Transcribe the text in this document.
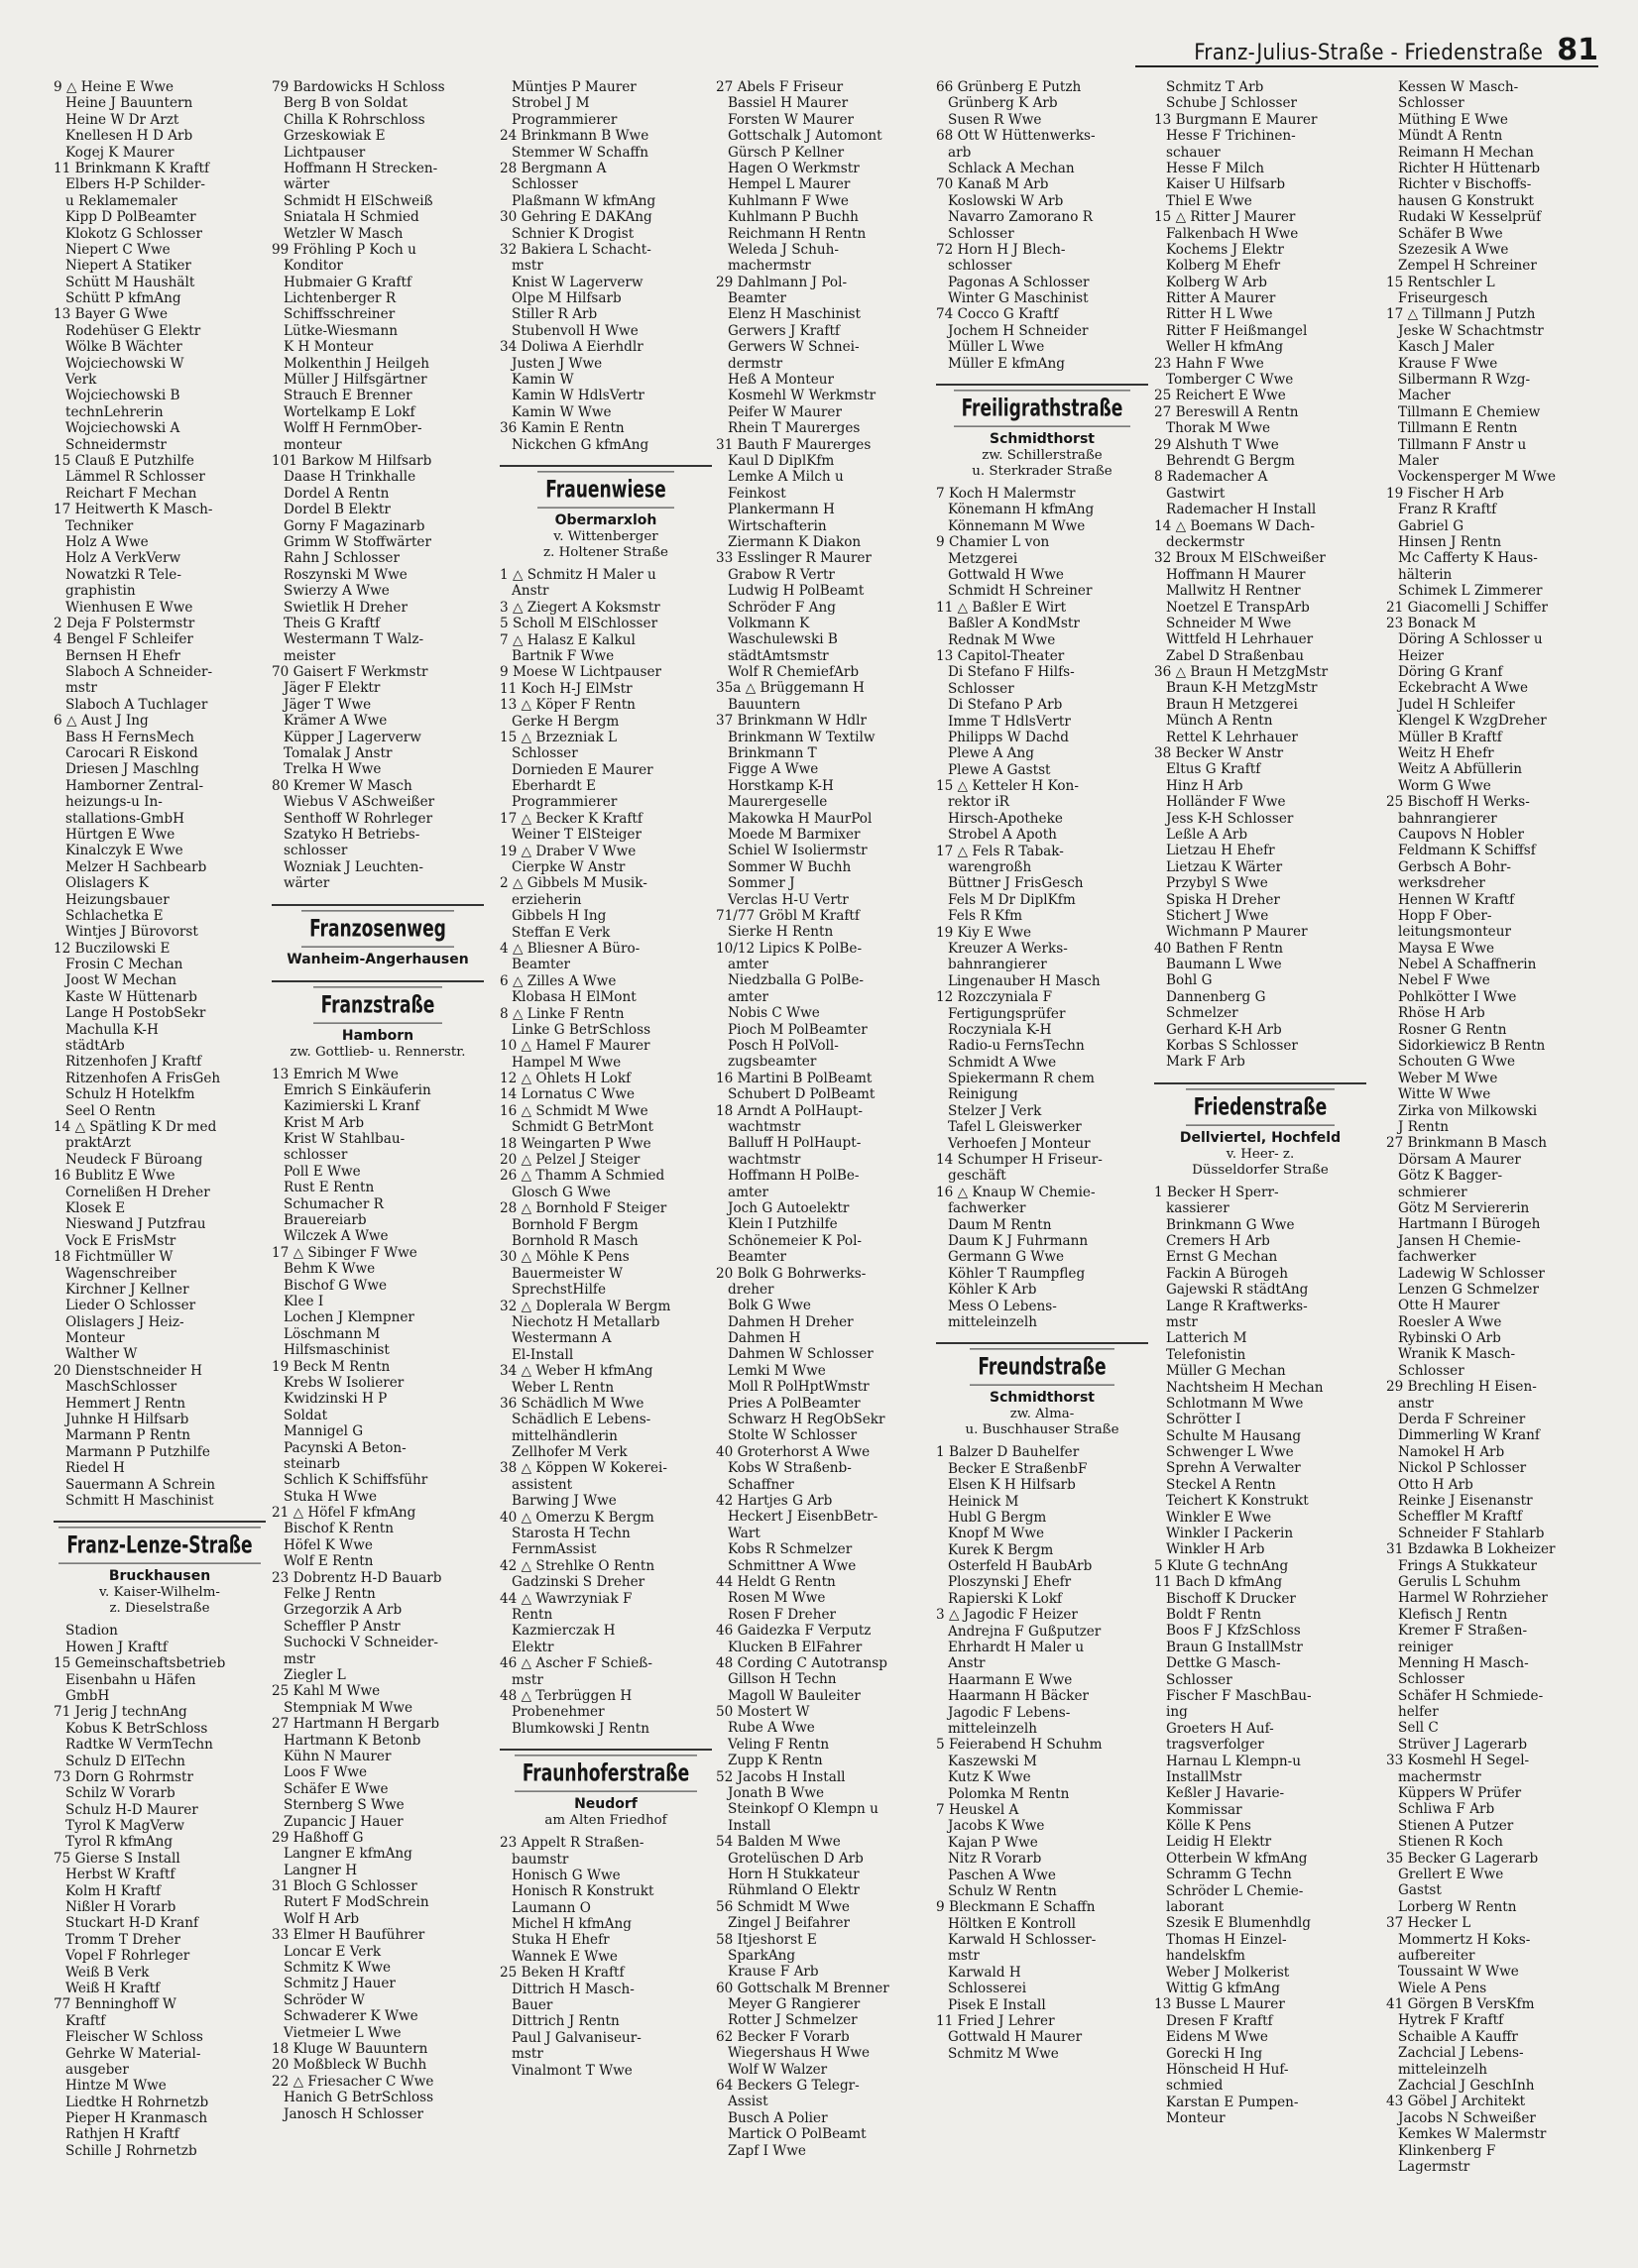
Franz-Julius-Straße - Friedenstraße 81
9 △ Heine E Wwe
Heine J Bauuntern
Heine W Dr Arzt
Knellesen H D Arb
Kogej K Maurer
11 Brinkmann K Kraftf
Elbers H-P Schilder-
u Reklamemaler
Kipp D PolBeamter
Klokotz G Schlosser
Niepert C Wwe
Niepert A Statiker
Schütt M Haushält
Schütt P kfmAng
13 Bayer G Wwe
Rodehüser G Elektr
Wölke B Wächter
Wojciechowski W
Verk
Wojciechowski B
technLehrerin
Wojciechowski A
Schneidermstr
15 Clauß E Putzhilfe
Lämmel R Schlosser
Reichart F Mechan
17 Heitwerth K Masch-
Techniker
Holz A Wwe
Holz A VerkVerw
Nowatzki R Tele-
graphistin
Wienhusen E Wwe
2 Deja F Polstermstr
4 Bengel F Schleifer
Bernsen H Ehefr
Slaboch A Schneider-
mstr
Slaboch A Tuchlager
6 △ Aust J Ing
Bass H FernsMech
Carocari R Eiskond
Driesen J Maschlng
Hamborner Zentral-
heizungs-u In-
stallations-GmbH
Hürtgen E Wwe
Kinalczyk E Wwe
Melzer H Sachbearb
Olislagers K
Heizungsbauer
Schlachetka E
Wintjes J Bürovorst
12 Buczilowski E
Frosin C Mechan
Joost W Mechan
Kaste W Hüttenarb
Lange H PostobSekr
Machulla K-H
städtArb
Ritzenhofen J Kraftf
Ritzenhofen A FrisGeh
Schulz H Hotelkfm
Seel O Rentn
14 △ Spätling K Dr med
praktArzt
Neudeck F Büroang
16 Bublitz E Wwe
Cornelißen H Dreher
Klosek E
Nieswand J Putzfrau
Vock E FrisMstr
18 Fichtmüller W
Wagenschreiber
Kirchner J Kellner
Lieder O Schlosser
Olislagers J Heiz-
Monteur
Walther W
20 Dienstschneider H
MaschSchlosser
Hemmert J Rentn
Juhnke H Hilfsarb
Marmann P Rentn
Marmann P Putzhilfe
Riedel H
Sauermann A Schrein
Schmitt H Maschinist
Franz-Lenze-Straße
Bruckhausen
v. Kaiser-Wilhelm-
z. Dieselstraße
Stadion
Howen J Kraftf
15 Gemeinschaftsbetrieb
Eisenbahn u Häfen
GmbH
71 Jerig J technAng
Kobus K BetrSchloss
Radtke W VermTechn
Schulz D ElTechn
73 Dorn G Rohrmstr
Schilz W Vorarb
Schulz H-D Maurer
Tyrol K MagVerw
Tyrol R kfmAng
75 Gierse S Install
Herbst W Kraftf
Kolm H Kraftf
Nißler H Vorarb
Stuckart H-D Kranf
Tromm T Dreher
Vopel F Rohrleger
Weiß B Verk
Weiß H Kraftf
77 Benninghoff W
Kraftf
Fleischer W Schloss
Gehrke W Material-
ausgeber
Hintze M Wwe
Liedtke H Rohrnetzb
Pieper H Kranmasch
Rathjen H Kraftf
Schille J Rohrnetzb
79 Bardowicks H Schloss
Berg B von Soldat
Chilla K Rohrschloss
Grzeskowiak E
Lichtpauser
Hoffmann H Strecken-
wärter
Schmidt H ElSchweiß
Sniatala H Schmied
Wetzler W Masch
99 Fröhling P Koch u
Konditor
Hubmaier G Kraftf
Lichtenberger R
Schiffsschreiner
Lütke-Wiesmann
K H Monteur
Molkenthin J Heilgeh
Müller J Hilfsgärtner
Strauch E Brenner
Wortelkamp E Lokf
Wolff H FernmOber-
monteur
101 Barkow M Hilfsarb
Daase H Trinkhalle
Dordel A Rentn
Dordel B Elektr
Gorny F Magazinarb
Grimm W Stoffwärter
Rahn J Schlosser
Roszynski M Wwe
Swierzy A Wwe
Swietlik H Dreher
Theis G Kraftf
Westermann T Walz-
meister
70 Gaisert F Werkmstr
Jäger F Elektr
Jäger T Wwe
Krämer A Wwe
Küpper J Lagerverw
Tomalak J Anstr
Trelka H Wwe
80 Kremer W Masch
Wiebus V ASchweißer
Senthoff W Rohrleger
Szatyko H Betriebs-
schlosser
Wozniak J Leuchten-
wärter
Franzosenweg
Wanheim-Angerhausen
Franzstraße
Hamborn
zw. Gottlieb- u. Rennerstr.
13 Emrich M Wwe
Emrich S Einkäuferin
Kazimierski L Kranf
Krist M Arb
Krist W Stahlbau-
schlosser
Poll E Wwe
Rust E Rentn
Schumacher R
Brauereiarb
Wilczek A Wwe
17 △ Sibinger F Wwe
Behm K Wwe
Bischof G Wwe
Klee I
Lochen J Klempner
Löschmann M
Hilfsmaschinist
19 Beck M Rentn
Krebs W Isolierer
Kwidzinski H P
Soldat
Mannigel G
Pacynski A Beton-
steinarb
Schlich K Schiffsführ
Stuka H Wwe
21 △ Höfel F kfmAng
Bischof K Rentn
Höfel K Wwe
Wolf E Rentn
23 Dobrentz H-D Bauarb
Felke J Rentn
Grzegorzik A Arb
Scheffler P Anstr
Suchocki V Schneider-
mstr
Ziegler L
25 Kahl M Wwe
Stempniak M Wwe
27 Hartmann H Bergarb
Hartmann K Betonb
Kühn N Maurer
Loos F Wwe
Schäfer E Wwe
Sternberg S Wwe
Zupancic J Hauer
29 Haßhoff G
Langner E kfmAng
Langner H
31 Bloch G Schlosser
Rutert F ModSchrein
Wolf H Arb
33 Elmer H Bauführer
Loncar E Verk
Schmitz K Wwe
Schmitz J Hauer
Schröder W
Schwaderer K Wwe
Vietmeier L Wwe
18 Kluge W Bauuntern
20 Moßbleck W Buchh
22 △ Friesacher C Wwe
Hanich G BetrSchloss
Janosch H Schlosser
Müntjes P Maurer
Strobel J M
Programmierer
24 Brinkmann B Wwe
Stemmer W Schaffn
28 Bergmann A
Schlosser
Plaßmann W kfmAng
30 Gehring E DAKAng
Schnier K Drogist
32 Bakiera L Schacht-
mstr
Knist W Lagerverw
Olpe M Hilfsarb
Stiller R Arb
Stubenvoll H Wwe
34 Doliwa A Eierhdlr
Justen J Wwe
Kamin W
Kamin W HdlsVertr
Kamin W Wwe
36 Kamin E Rentn
Nickchen G kfmAng
Frauenwiese
Obermarxloh
v. Wittenberger
z. Holtener Straße
1 △ Schmitz H Maler u
Anstr
3 △ Ziegert A Koksmstr
5 Scholl M ElSchlosser
7 △ Halasz E Kalkul
Bartnik F Wwe
9 Moese W Lichtpauser
11 Koch H-J ElMstr
13 △ Köper F Rentn
Gerke H Bergm
15 △ Brzezniak L
Schlosser
Dornieden E Maurer
Eberhardt E
Programmierer
17 △ Becker K Kraftf
Weiner T ElSteiger
19 △ Draber V Wwe
Cierpke W Anstr
2 △ Gibbels M Musik-
erzieherin
Gibbels H Ing
Steffan E Verk
4 △ Bliesner A Büro-
Beamter
6 △ Zilles A Wwe
Klobasa H ElMont
8 △ Linke F Rentn
Linke G BetrSchloss
10 △ Hamel F Maurer
Hampel M Wwe
12 △ Ohlets H Lokf
14 Lornatus C Wwe
16 △ Schmidt M Wwe
Schmidt G BetrMont
18 Weingarten P Wwe
20 △ Pelzel J Steiger
26 △ Thamm A Schmied
Glosch G Wwe
28 △ Bornhold F Steiger
Bornhold F Bergm
Bornhold R Masch
30 △ Möhle K Pens
Bauermeister W
SprechstHilfe
32 △ Doplerala W Bergm
Niechotz H Metallarb
Westermann A
El-Install
34 △ Weber H kfmAng
Weber L Rentn
36 Schädlich M Wwe
Schädlich E Lebens-
mittelhändlerin
Zellhofer M Verk
38 △ Köppen W Kokerei-
assistent
Barwing J Wwe
40 △ Omerzu K Bergm
Starosta H Techn
FernmAssist
42 △ Strehlke O Rentn
Gadzinski S Dreher
44 △ Wawrzyniak F
Rentn
Kazmierczak H
Elektr
46 △ Ascher F Schieß-
mstr
48 △ Terbrüggen H
Probenehmer
Blumkowski J Rentn
Fraunhoferstraße
Neudorf
am Alten Friedhof
23 Appelt R Straßen-
baumstr
Honisch G Wwe
Honisch R Konstrukt
Laumann O
Michel H kfmAng
Stuka H Ehefr
Wannek E Wwe
25 Beken H Kraftf
Dittrich H Masch-
Bauer
Dittrich J Rentn
Paul J Galvaniseur-
mstr
Vinalmont T Wwe
27 Abels F Friseur
Bassiel H Maurer
Forsten W Maurer
Gottschalk J Automont
Gürsch P Kellner
Hagen O Werkmstr
Hempel L Maurer
Kuhlmann F Wwe
Kuhlmann P Buchh
Reichmann H Rentn
Weleda J Schuh-
machermstr
29 Dahlmann J Pol-
Beamter
Elenz H Maschinist
Gerwers J Kraftf
Gerwers W Schnei-
dermstr
Heß A Monteur
Kosmehl W Werkmstr
Peifer W Maurer
Rhein T Maurerges
31 Bauth F Maurerges
Kaul D DiplKfm
Lemke A Milch u
Feinkost
Plankermann H
Wirtschafterin
Ziermann K Diakon
33 Esslinger R Maurer
Grabow R Vertr
Ludwig H PolBeamt
Schröder F Ang
Volkmann K
Waschulewski B
städtAmtsmstr
Wolf R ChemiefArb
35a △ Brüggemann H
Bauuntern
37 Brinkmann W Hdlr
Brinkmann W Textilw
Brinkmann T
Figge A Wwe
Horstkamp K-H
Maurergeselle
Makowka H MaurPol
Moede M Barmixer
Schiel W Isoliermstr
Sommer W Buchh
Sommer J
Verclas H-U Vertr
71/77 Gröbl M Kraftf
Sierke H Rentn
10/12 Lipics K PolBe-
amter
Niedzballa G PolBe-
amter
Nobis C Wwe
Pioch M PolBeamter
Posch H PolVoll-
zugsbeamter
16 Martini B PolBeamt
Schubert D PolBeamt
18 Arndt A PolHaupt-
wachtmstr
Balluff H PolHaupt-
wachtmstr
Hoffmann H PolBe-
amter
Joch G Autoelektr
Klein I Putzhilfe
Schönemeier K Pol-
Beamter
20 Bolk G Bohrwerks-
dreher
Bolk G Wwe
Dahmen H Dreher
Dahmen H
Dahmen W Schlosser
Lemki M Wwe
Moll R PolHptWmstr
Pries A PolBeamter
Schwarz H RegObSekr
Stolte W Schlosser
40 Groterhorst A Wwe
Kobs W Straßenb-
Schaffner
42 Hartjes G Arb
Heckert J EisenbBetr-
Wart
Kobs R Schmelzer
Schmittner A Wwe
44 Heldt G Rentn
Rosen M Wwe
Rosen F Dreher
46 Gaidezka F Verputz
Klucken B ElFahrer
48 Cording C Autotransp
Gillson H Techn
Magoll W Bauleiter
50 Mostert W
Rube A Wwe
Veling F Rentn
Zupp K Rentn
52 Jacobs H Install
Jonath B Wwe
Steinkopf O Klempn u
Install
54 Balden M Wwe
Grotelüschen D Arb
Horn H Stukkateur
Rühmland O Elektr
56 Schmidt M Wwe
Zingel J Beifahrer
58 Itjeshorst E
SparkAng
Krause F Arb
60 Gottschalk M Brenner
Meyer G Rangierer
Rotter J Schmelzer
62 Becker F Vorarb
Wiegershaus H Wwe
Wolf W Walzer
64 Beckers G Telegr-
Assist
Busch A Polier
Martick O PolBeamt
Zapf I Wwe
66 Grünberg E Putzh
Grünberg K Arb
Susen R Wwe
68 Ott W Hüttenwerks-
arb
Schlack A Mechan
70 Kanaß M Arb
Koslowski W Arb
Navarro Zamorano R
Schlosser
72 Horn H J Blech-
schlosser
Pagonas A Schlosser
Winter G Maschinist
74 Cocco G Kraftf
Jochem H Schneider
Müller L Wwe
Müller E kfmAng
Freiligrathstraße
Schmidthorst
zw. Schillerstraße
u. Sterkrader Straße
7 Koch H Malermstr
Könemann H kfmAng
Könnemann M Wwe
9 Chamier L von
Metzgerei
Gottwald H Wwe
Schmidt H Schreiner
11 △ Baßler E Wirt
Baßler A KondMstr
Rednak M Wwe
13 Capitol-Theater
Di Stefano F Hilfs-
Schlosser
Di Stefano P Arb
Imme T HdlsVertr
Philipps W Dachd
Plewe A Ang
Plewe A Gastst
15 △ Ketteler H Kon-
rektor iR
Hirsch-Apotheke
Strobel A Apoth
17 △ Fels R Tabak-
warengroßh
Büttner J FrisGesch
Fels M Dr DiplKfm
Fels R Kfm
19 Kiy E Wwe
Kreuzer A Werks-
bahnrangierer
Lingenauber H Masch
12 Rozczyniala F
Fertigungsprüfer
Roczyniala K-H
Radio-u FernsTechn
Schmidt A Wwe
Spiekermann R chem
Reinigung
Stelzer J Verk
Tafel L Gleiswerker
Verhoefen J Monteur
14 Schumper H Friseur-
geschäft
16 △ Knaup W Chemie-
fachwerker
Daum M Rentn
Daum K J Fuhrmann
Germann G Wwe
Köhler T Raumpfleg
Köhler K Arb
Mess O Lebens-
mitteleinzelh
Freundstraße
Schmidthorst
zw. Alma-
u. Buschhauser Straße
1 Balzer D Bauhelfer
Becker E StraßenbF
Elsen K H Hilfsarb
Heinick M
Hubl G Bergm
Knopf M Wwe
Kurek K Bergm
Osterfeld H BaubArb
Ploszynski J Ehefr
Rapierski K Lokf
3 △ Jagodic F Heizer
Andrejna F Gußputzer
Ehrhardt H Maler u
Anstr
Haarmann E Wwe
Haarmann H Bäcker
Jagodic F Lebens-
mitteleinzelh
5 Feierabend H Schuhm
Kaszewski M
Kutz K Wwe
Polomka M Rentn
7 Heuskel A
Jacobs K Wwe
Kajan P Wwe
Nitz R Vorarb
Paschen A Wwe
Schulz W Rentn
9 Bleckmann E Schaffn
Höltken E Kontroll
Karwald H Schlosser-
mstr
Karwald H
Schlosserei
Pisek E Install
11 Fried J Lehrer
Gottwald H Maurer
Schmitz M Wwe
Schmitz T Arb
Schube J Schlosser
13 Burgmann E Maurer
Hesse F Trichinen-
schauer
Hesse F Milch
Kaiser U Hilfsarb
Thiel E Wwe
15 △ Ritter J Maurer
Falkenbach H Wwe
Kochems J Elektr
Kolberg M Ehefr
Kolberg W Arb
Ritter A Maurer
Ritter H L Wwe
Ritter F Heißmangel
Weller H kfmAng
23 Hahn F Wwe
Tomberger C Wwe
25 Reichert E Wwe
27 Bereswill A Rentn
Thorak M Wwe
29 Alshuth T Wwe
Behrendt G Bergm
8 Rademacher A
Gastwirt
Rademacher H Install
14 △ Boemans W Dach-
deckermstr
32 Broux M ElSchweißer
Hoffmann H Maurer
Mallwitz H Rentner
Noetzel E TranspArb
Schneider M Wwe
Wittfeld H Lehrhauer
Zabel D Straßenbau
36 △ Braun H MetzgMstr
Braun K-H MetzgMstr
Braun H Metzgerei
Münch A Rentn
Rettel K Lehrhauer
38 Becker W Anstr
Eltus G Kraftf
Hinz H Arb
Holländer F Wwe
Jess K-H Schlosser
Leßle A Arb
Lietzau H Ehefr
Lietzau K Wärter
Przybyl S Wwe
Spiska H Dreher
Stichert J Wwe
Wichmann P Maurer
40 Bathen F Rentn
Baumann L Wwe
Bohl G
Dannenberg G
Schmelzer
Gerhard K-H Arb
Korbas S Schlosser
Mark F Arb
Friedenstraße
Dellviertel, Hochfeld
v. Heer- z.
Düsseldorfer Straße
1 Becker H Sperr-
kassierer
Brinkmann G Wwe
Cremers H Arb
Ernst G Mechan
Fackin A Bürogeh
Gajewski R städtAng
Lange R Kraftwerks-
mstr
Latterich M
Telefonistin
Müller G Mechan
Nachtsheim H Mechan
Schlotmann M Wwe
Schrötter I
Schulte M Hausang
Schwenger L Wwe
Sprehn A Verwalter
Steckel A Rentn
Teichert K Konstrukt
Winkler E Wwe
Winkler I Packerin
Winkler H Arb
5 Klute G technAng
11 Bach D kfmAng
Bischoff K Drucker
Boldt F Rentn
Boos F J KfzSchloss
Braun G InstallMstr
Dettke G Masch-
Schlosser
Fischer F MaschBau-
ing
Groeters H Auf-
tragsverfolger
Harnau L Klempn-u
InstallMstr
Keßler J Havarie-
Kommissar
Kölle K Pens
Leidig H Elektr
Otterbein W kfmAng
Schramm G Techn
Schröder L Chemie-
laborant
Szesik E Blumenhdlg
Thomas H Einzel-
handelskfm
Weber J Molkerist
Wittig G kfmAng
13 Busse L Maurer
Dresen F Kraftf
Eidens M Wwe
Gorecki H Ing
Hönscheid H Huf-
schmied
Karstan E Pumpen-
Monteur
Kessen W Masch-
Schlosser
Müthing E Wwe
Mündt A Rentn
Reimann H Mechan
Richter H Hüttenarb
Richter v Bischoffs-
hausen G Konstrukt
Rudaki W Kesselprüf
Schäfer B Wwe
Szezesik A Wwe
Zempel H Schreiner
15 Rentschler L
Friseurgesch
17 △ Tillmann J Putzh
Jeske W Schachtmstr
Kasch J Maler
Krause F Wwe
Silbermann R Wzg-
Macher
Tillmann E Chemiew
Tillmann E Rentn
Tillmann F Anstr u
Maler
Vockensperger M Wwe
19 Fischer H Arb
Franz R Kraftf
Gabriel G
Hinsen J Rentn
Mc Cafferty K Haus-
hälterin
Schimek L Zimmerer
21 Giacomelli J Schiffer
23 Bonack M
Döring A Schlosser u
Heizer
Döring G Kranf
Eckebracht A Wwe
Judel H Schleifer
Klengel K WzgDreher
Müller B Kraftf
Weitz H Ehefr
Weitz A Abfüllerin
Worm G Wwe
25 Bischoff H Werks-
bahnrangierer
Caupovs N Hobler
Feldmann K Schiffsf
Gerbsch A Bohr-
werksdreher
Hennen W Kraftf
Hopp F Ober-
leitungsmonteur
Maysa E Wwe
Nebel A Schaffnerin
Nebel F Wwe
Pohlkötter I Wwe
Rhöse H Arb
Rosner G Rentn
Sidorkiewicz B Rentn
Schouten G Wwe
Weber M Wwe
Witte W Wwe
Zirka von Milkowski
J Rentn
27 Brinkmann B Masch
Dörsam A Maurer
Götz K Bagger-
schmierer
Götz M Serviererin
Hartmann I Bürogeh
Jansen H Chemie-
fachwerker
Ladewig W Schlosser
Lenzen G Schmelzer
Otte H Maurer
Roesler A Wwe
Rybinski O Arb
Wranik K Masch-
Schlosser
29 Brechling H Eisen-
anstr
Derda F Schreiner
Dimmerling W Kranf
Namokel H Arb
Nickol P Schlosser
Otto H Arb
Reinke J Eisenanstr
Scheffler M Kraftf
Schneider F Stahlarb
31 Bzdawka B Lokheizer
Frings A Stukkateur
Gerulis L Schuhm
Harmel W Rohrzieher
Klefisch J Rentn
Kremer F Straßen-
reiniger
Menning H Masch-
Schlosser
Schäfer H Schmiede-
helfer
Sell C
Strüver J Lagerarb
33 Kosmehl H Segel-
machermstr
Küppers W Prüfer
Schliwa F Arb
Stienen A Putzer
Stienen R Koch
35 Becker G Lagerarb
Grellert E Wwe
Gastst
Lorberg W Rentn
37 Hecker L
Mommertz H Koks-
aufbereiter
Toussaint W Wwe
Wiele A Pens
41 Görgen B VersKfm
Hytrek F Kraftf
Schaible A Kauffr
Zachcial J Lebens-
mitteleinzelh
Zachcial J GeschInh
43 Göbel J Architekt
Jacobs N Schweißer
Kemkes W Malermstr
Klinkenberg F
Lagermstr
